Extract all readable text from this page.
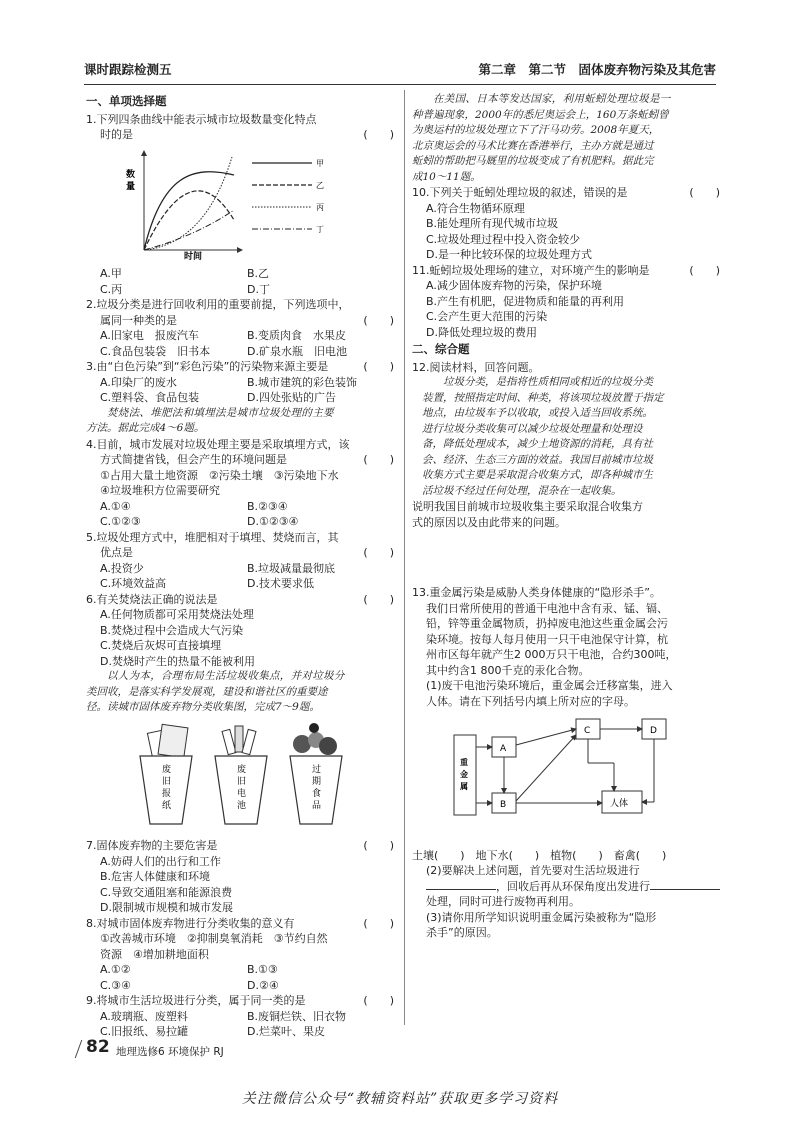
课时跟踪检测五	第二章　第二节　固体废弃物污染及其危害
一、单项选择题
1.下列四条曲线中能表示城市垃圾数量变化特点
时的是	(　　)
数
量
时间
甲
乙
丙
丁
A.甲	B.乙
C.丙	D.丁
2.垃圾分类是进行回收利用的重要前提，下列选项中，
属同一种类的是	(　　)
A.旧家电　报废汽车	B.变质肉食　水果皮
C.食品包装袋　旧书本	D.矿泉水瓶　旧电池
3.由“白色污染”到“彩色污染”的污染物来源主要是	(　　)
A.印染厂的废水	B.城市建筑的彩色装饰
C.塑料袋、食品包装	D.四处张贴的广告
焚烧法、堆肥法和填埋法是城市垃圾处理的主要
方法。据此完成4～6题。
4.目前，城市发展对垃圾处理主要是采取填埋方式，该
方式简捷省钱，但会产生的环境问题是	(　　)
①占用大量土地资源　②污染土壤　③污染地下水
④垃圾堆积方位需要研究
A.①④	B.②③④
C.①②③	D.①②③④
5.垃圾处理方式中，堆肥相对于填埋、焚烧而言，其
优点是	(　　)
A.投资少	B.垃圾减量最彻底
C.环境效益高	D.技术要求低
6.有关焚烧法正确的说法是	(　　)
A.任何物质都可采用焚烧法处理
B.焚烧过程中会造成大气污染
C.焚烧后灰烬可直接填埋
D.焚烧时产生的热量不能被利用
以人为本，合理布局生活垃圾收集点，并对垃圾分
类回收，是落实科学发展观，建设和谐社区的重要途
径。读城市固体废弃物分类收集图，完成7～9题。
废
旧
报
纸
废
旧
电
池
过
期
食
品
7.固体废弃物的主要危害是	(　　)
A.妨碍人们的出行和工作
B.危害人体健康和环境
C.导致交通阻塞和能源浪费
D.限制城市规模和城市发展
8.对城市固体废弃物进行分类收集的意义有	(　　)
①改善城市环境　②抑制臭氧消耗　③节约自然
资源　④增加耕地面积
A.①②	B.①③
C.③④	D.②④
9.将城市生活垃圾进行分类，属于同一类的是	(　　)
A.玻璃瓶、废塑料	B.废铜烂铁、旧衣物
C.旧报纸、易拉罐	D.烂菜叶、果皮
在美国、日本等发达国家，利用蚯蚓处理垃圾是一
种普遍现象，2000年的悉尼奥运会上，160万条蚯蚓曾
为奥运村的垃圾处理立下了汗马功劳。2008年夏天，
北京奥运会的马术比赛在香港举行，主办方就是通过
蚯蚓的帮助把马厩里的垃圾变成了有机肥料。据此完
成10～11题。
10.下列关于蚯蚓处理垃圾的叙述，错误的是	(　　)
A.符合生物循环原理
B.能处理所有现代城市垃圾
C.垃圾处理过程中投入资金较少
D.是一种比较环保的垃圾处理方式
11.蚯蚓垃圾处理场的建立，对环境产生的影响是	(　　)
A.减少固体废弃物的污染，保护环境
B.产生有机肥，促进物质和能量的再利用
C.会产生更大范围的污染
D.降低处理垃圾的费用
二、综合题
12.阅读材料，回答问题。
垃圾分类，是指将性质相同或相近的垃圾分类
装置，按照指定时间、种类，将该项垃圾放置于指定
地点，由垃圾车予以收取，或投入适当回收系统。
进行垃圾分类收集可以减少垃圾处理量和处理设
备，降低处理成本，减少土地资源的消耗，具有社
会、经济、生态三方面的效益。我国目前城市垃圾
收集方式主要是采取混合收集方式，即各种城市生
活垃圾不经过任何处理，混杂在一起收集。
说明我国目前城市垃圾收集主要采取混合收集方
式的原因以及由此带来的问题。
13.重金属污染是威胁人类身体健康的“隐形杀手”。
我们日常所使用的普通干电池中含有汞、锰、镉、
铅，锌等重金属物质，扔掉废电池这些重金属会污
染环境。按每人每月使用一只干电池保守计算，杭
州市区每年就产生2 000万只干电池，合约300吨，
其中约含1 800千克的汞化合物。
(1)废干电池污染环境后，重金属会迁移富集，进入
人体。请在下列括号内填上所对应的字母。
重
金
属
A
B
C	D
人体
土壤(　　)　地下水(　　)　植物(　　)　畜禽(　　)
(2)要解决上述问题，首先要对生活垃圾进行
，回收后再从环保角度出发进行
处理，同时可进行废物再利用。
(3)请你用所学知识说明重金属污染被称为“隐形
杀手”的原因。
82 地理选修6 环境保护 RJ
关注微信公众号“教辅资料站”获取更多学习资料
